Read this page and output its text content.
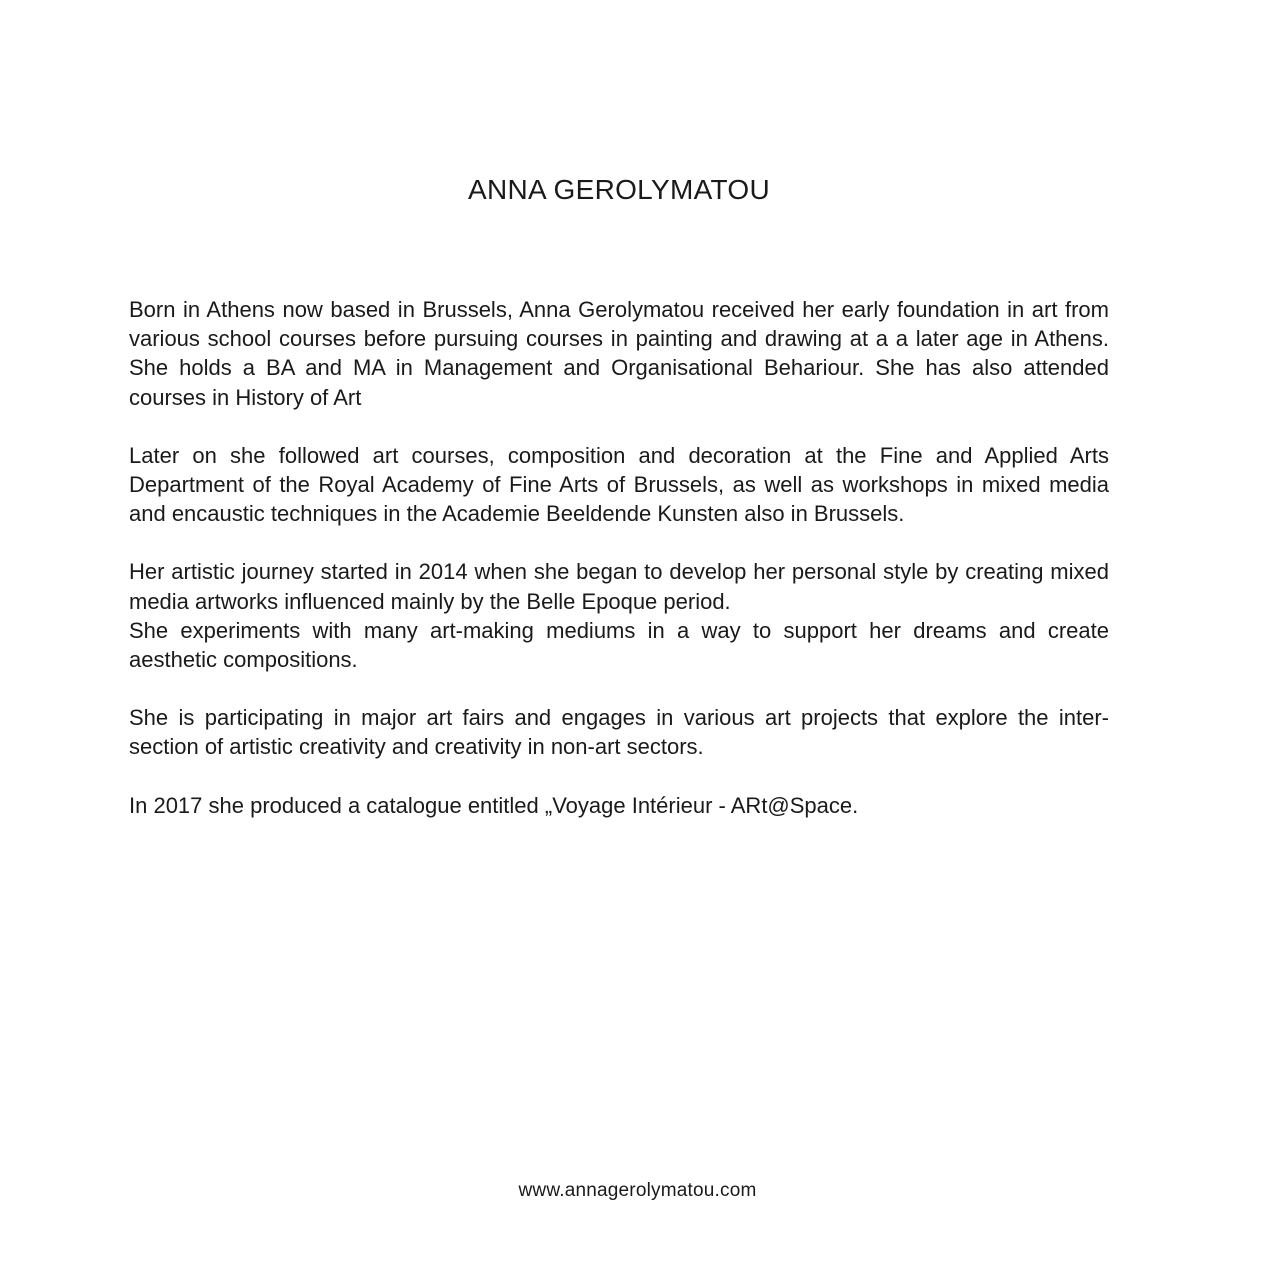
ANNA GEROLYMATOU

Born in Athens now based in Brussels, Anna Gerolymatou received her early foundation in art from various school courses before pursuing courses in painting and drawing at a a later age in Athens. She holds a BA and MA in Management and Organisational Behariour. She has also attended courses in History of Art

Later on she followed art courses, composition and decoration at the Fine and Applied Arts Department of the Royal Academy of Fine Arts of Brussels, as well as workshops in mixed media and encaustic techniques in the Academie Beeldende Kunsten also in Brussels.

Her artistic journey started in 2014 when she began to develop her personal style by creating mixed media artworks influenced mainly by the Belle Epoque period.

She experiments with many art-making mediums in a way to support her dreams and create aesthetic compositions.

She is participating in major art fairs and engages in various art projects that explore the inter-section of artistic creativity and creativity in non-art sectors.

In 2017 she produced a catalogue entitled „Voyage Intérieur - ARt@Space.

www.annagerolymatou.com
